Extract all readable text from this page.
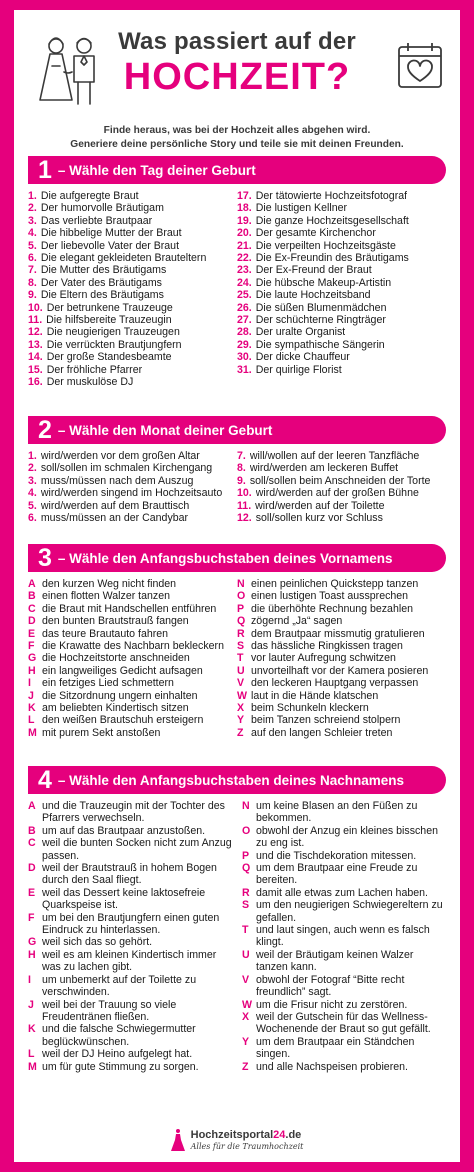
Was passiert auf der
HOCHZEIT?
Finde heraus, was bei der Hochzeit alles abgehen wird.
Generiere deine persönliche Story und teile sie mit deinen Freunden.
1 – Wähle den Tag deiner Geburt
1. Die aufgeregte Braut
2. Der humorvolle Bräutigam
3. Das verliebte Brautpaar
4. Die hibbelige Mutter der Braut
5. Der liebevolle Vater der Braut
6. Die elegant gekleideten Brauteltern
7. Die Mutter des Bräutigams
8. Der Vater des Bräutigams
9. Die Eltern des Bräutigams
10. Der betrunkene Trauzeuge
11. Die hilfsbereite Trauzeugin
12. Die neugierigen Trauzeugen
13. Die verrückten Brautjungfern
14. Der große Standesbeamte
15. Der fröhliche Pfarrer
16. Der muskulöse DJ
17. Der tätowierte Hochzeitsfotograf
18. Die lustigen Kellner
19. Die ganze Hochzeitsgesellschaft
20. Der gesamte Kirchenchor
21. Die verpeilten Hochzeitsgäste
22. Die Ex-Freundin des Bräutigams
23. Der Ex-Freund der Braut
24. Die hübsche Makeup-Artistin
25. Die laute Hochzeitsband
26. Die süßen Blumenmädchen
27. Der schüchterne Ringträger
28. Der uralte Organist
29. Die sympathische Sängerin
30. Der dicke Chauffeur
31. Der quirlige Florist
2 – Wähle den Monat deiner Geburt
1. wird/werden vor dem großen Altar
2. soll/sollen im schmalen Kirchengang
3. muss/müssen nach dem Auszug
4. wird/werden singend im Hochzeitsauto
5. wird/werden auf dem Brauttisch
6. muss/müssen an der Candybar
7. will/wollen auf der leeren Tanzfläche
8. wird/werden am leckeren Buffet
9. soll/sollen beim Anschneiden der Torte
10. wird/werden auf der großen Bühne
11. wird/werden auf der Toilette
12. soll/sollen kurz vor Schluss
3 – Wähle den Anfangsbuchstaben deines Vornamens
A den kurzen Weg nicht finden
B einen flotten Walzer tanzen
C die Braut mit Handschellen entführen
D den bunten Brautstrauß fangen
E das teure Brautauto fahren
F die Krawatte des Nachbarn bekleckern
G die Hochzeitstorte anschneiden
H ein langweiliges Gedicht aufsagen
I	ein fetziges Lied schmettern
J die Sitzordnung ungern einhalten
K am beliebten Kindertisch sitzen
L den weißen Brautschuh ersteigern
M mit purem Sekt anstoßen
N einen peinlichen Quickstepp tanzen
O einen lustigen Toast aussprechen
P die überhöhte Rechnung bezahlen
Q zögernd „Ja“ sagen
R dem Brautpaar missmutig gratulieren
S das hässliche Ringkissen tragen
T vor lauter Aufregung schwitzen
U unvorteilhaft vor der Kamera posieren
V den leckeren Hauptgang verpassen
W laut in die Hände klatschen
X beim Schunkeln kleckern
Y beim Tanzen schreiend stolpern
Z auf den langen Schleier treten
4 – Wähle den Anfangsbuchstaben deines Nachnamens
A und die Trauzeugin mit der Tochter des Pfarrers verwechseln.
B um auf das Brautpaar anzustoßen.
C weil die bunten Socken nicht zum Anzug passen.
D weil der Brautstrauß in hohem Bogen durch den Saal fliegt.
E weil das Dessert keine laktosefreie Quarkspeise ist.
F um bei den Brautjungfern einen guten Eindruck zu hinterlassen.
G weil sich das so gehört.
H weil es am kleinen Kindertisch immer was zu lachen gibt.
I	um unbemerkt auf der Toilette zu verschwinden.
J weil bei der Trauung so viele Freudentränen fließen.
K und die falsche Schwiegermutter beglückwünschen.
L weil der DJ Heino aufgelegt hat.
M um für gute Stimmung zu sorgen.
N um keine Blasen an den Füßen zu bekommen.
O obwohl der Anzug ein kleines bisschen zu eng ist.
P und die Tischdekoration mitessen.
Q um dem Brautpaar eine Freude zu bereiten.
R damit alle etwas zum Lachen haben.
S um den neugierigen Schwiegereltern zu gefallen.
T und laut singen, auch wenn es falsch klingt.
U weil der Bräutigam keinen Walzer tanzen kann.
V obwohl der Fotograf “Bitte recht freundlich” sagt.
W um die Frisur nicht zu zerstören.
X weil der Gutschein für das Wellness-Wochenende der Braut so gut gefällt.
Y um dem Brautpaar ein Ständchen singen.
Z und alle Nachspeisen probieren.
Hochzeitsportal24.de
Alles für die Traumhochzeit
